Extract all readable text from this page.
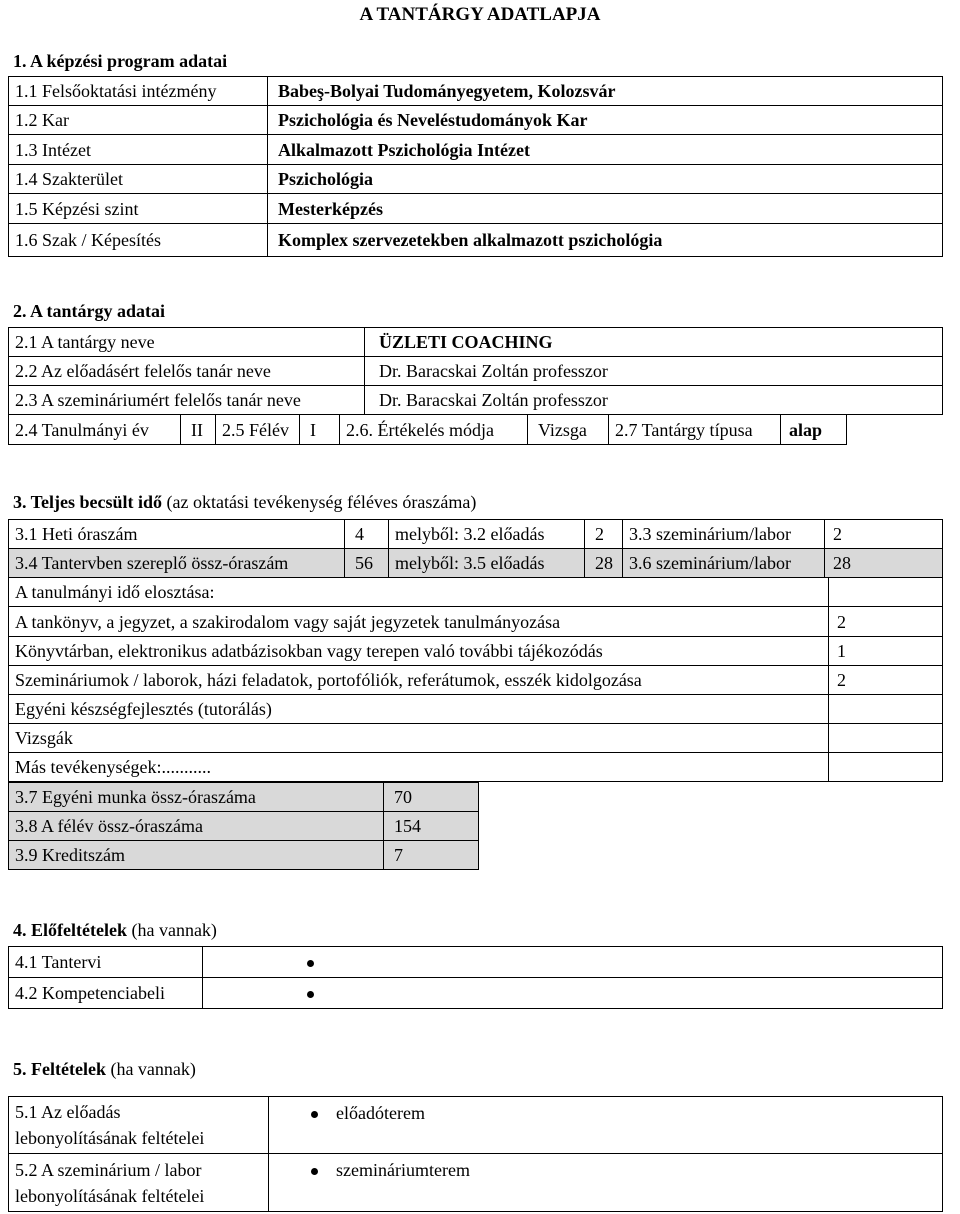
A TANTÁRGY ADATLAPJA
1. A képzési program adatai
1.1 Felsőoktatási intézmény	Babeş-Bolyai Tudományegyetem, Kolozsvár
1.2 Kar	Pszichológia és Neveléstudományok Kar
1.3 Intézet	Alkalmazott Pszichológia Intézet
1.4 Szakterület	Pszichológia
1.5 Képzési szint	Mesterképzés
1.6 Szak / Képesítés	Komplex szervezetekben alkalmazott pszichológia
2. A tantárgy adatai
2.1 A tantárgy neve	ÜZLETI COACHING
2.2 Az előadásért felelős tanár neve	Dr. Baracskai Zoltán professzor
2.3 A szemináriumért felelős tanár neve	Dr. Baracskai Zoltán professzor
2.4 Tanulmányi év	II	2.5 Félév	I	2.6. Értékelés módja	Vizsga	2.7 Tantárgy típusa	alap
3. Teljes becsült idő (az oktatási tevékenység féléves óraszáma)
3.1 Heti óraszám	4	melyből: 3.2 előadás	2	3.3 szeminárium/labor	2
3.4 Tantervben szereplő össz-óraszám	56	melyből: 3.5 előadás	28	3.6 szeminárium/labor	28
A tanulmányi idő elosztása:	
A tankönyv, a jegyzet, a szakirodalom vagy saját jegyzetek tanulmányozása	2
Könyvtárban, elektronikus adatbázisokban vagy terepen való további tájékozódás	1
Szemináriumok / laborok, házi feladatok, portofóliók, referátumok, esszék kidolgozása	2
Egyéni készségfejlesztés (tutorálás)	
Vizsgák	
Más tevékenységek:...........	
3.7 Egyéni munka össz-óraszáma	70
3.8 A félév össz-óraszáma	154
3.9 Kreditszám	7
4. Előfeltételek (ha vannak)
4.1 Tantervi	
4.2 Kompetenciabeli	
5. Feltételek (ha vannak)
5.1 Az előadás
lebonyolításának feltételei	előadóterem
5.2 A szeminárium / labor
lebonyolításának feltételei	szemináriumterem
